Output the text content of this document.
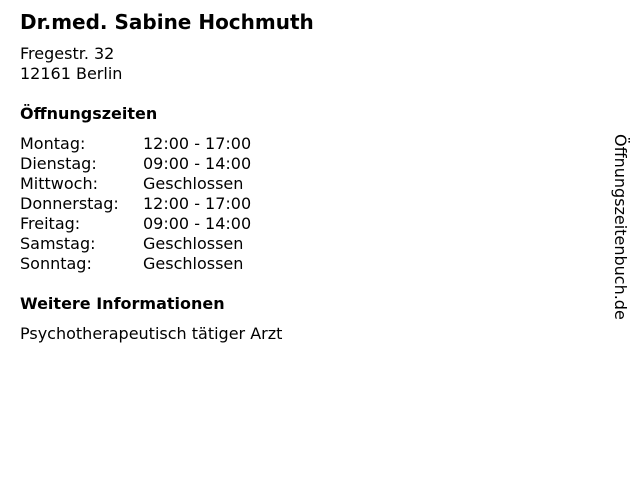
Dr.med. Sabine Hochmuth
Fregestr. 32
12161 Berlin
Öffnungszeiten
Montag:	12:00 - 17:00
Dienstag:	09:00 - 14:00
Mittwoch:	Geschlossen
Donnerstag:	12:00 - 17:00
Freitag:	09:00 - 14:00
Samstag:	Geschlossen
Sonntag:	Geschlossen
Weitere Informationen
Psychotherapeutisch tätiger Arzt
Öffnungszeitenbuch.de
